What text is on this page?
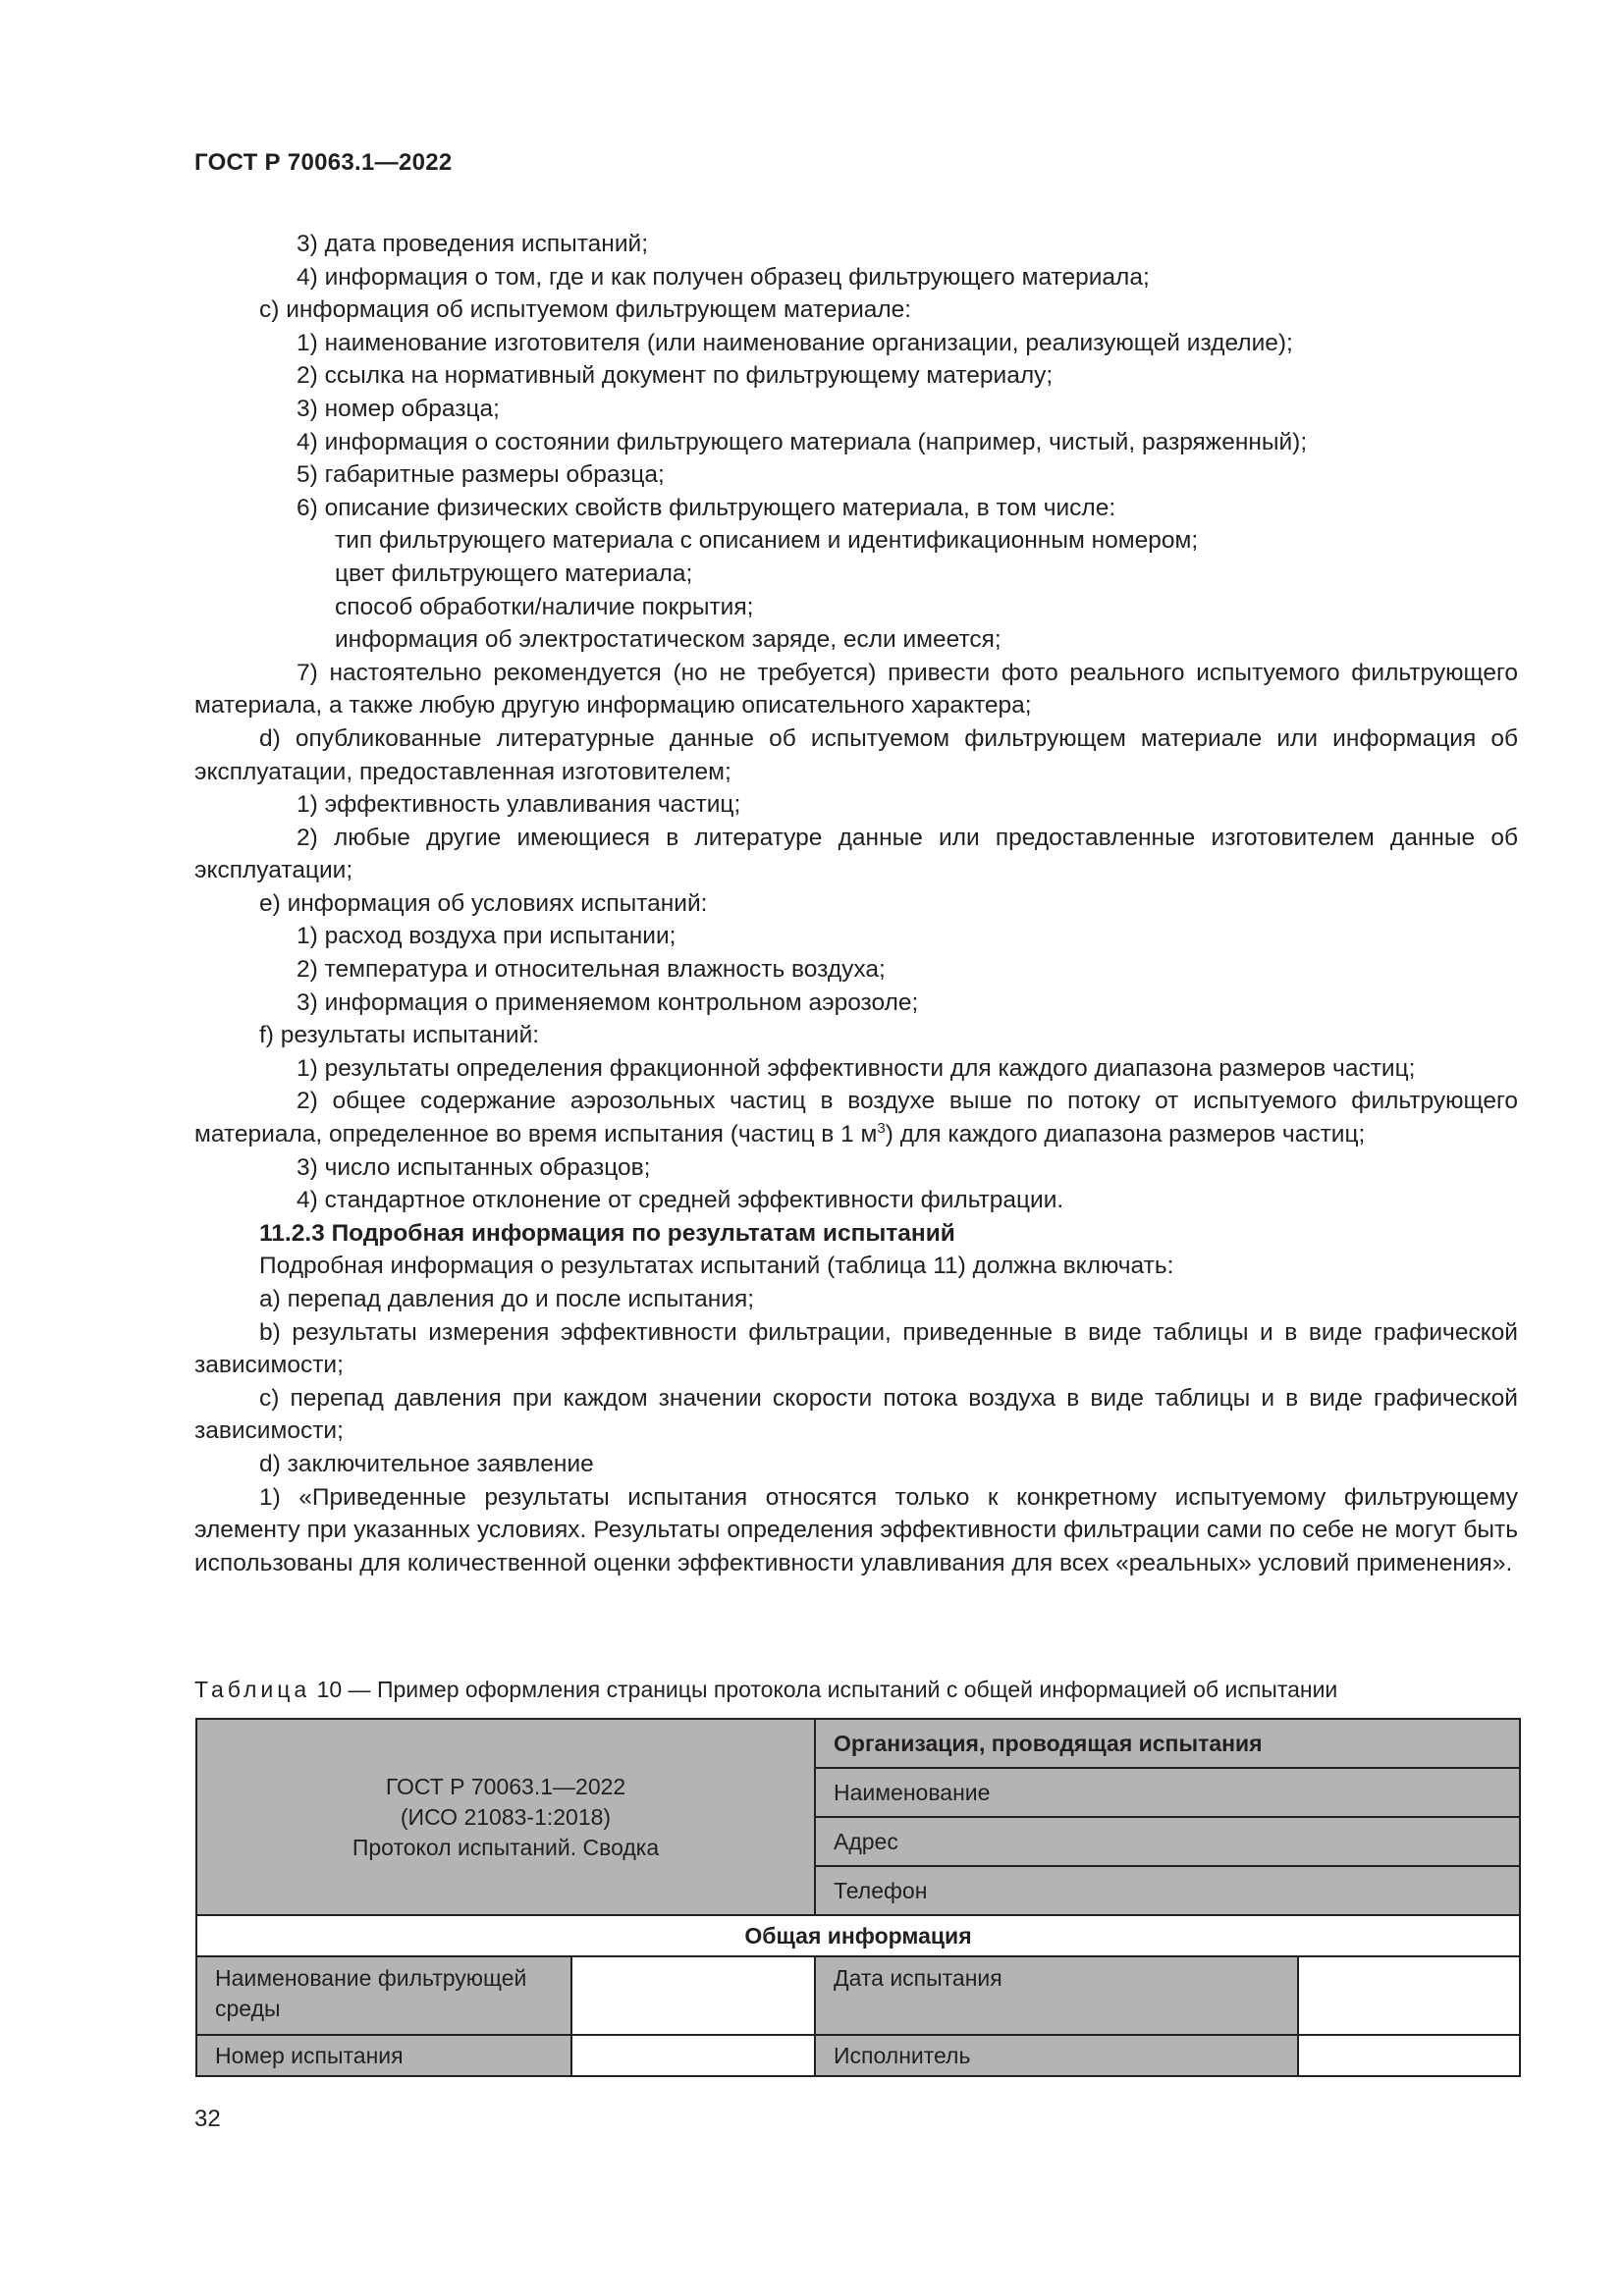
ГОСТ Р 70063.1—2022

3) дата проведения испытаний;

4) информация о том, где и как получен образец фильтрующего материала;

c) информация об испытуемом фильтрующем материале:

1) наименование изготовителя (или наименование организации, реализующей изделие);

2) ссылка на нормативный документ по фильтрующему материалу;

3) номер образца;

4) информация о состоянии фильтрующего материала (например, чистый, разряженный);

5) габаритные размеры образца;

6) описание физических свойств фильтрующего материала, в том числе:

тип фильтрующего материала с описанием и идентификационным номером;

цвет фильтрующего материала;

способ обработки/наличие покрытия;

информация об электростатическом заряде, если имеется;

7) настоятельно рекомендуется (но не требуется) привести фото реального испытуемого фильтрующего материала, а также любую другую информацию описательного характера;

d) опубликованные литературные данные об испытуемом фильтрующем материале или информация об эксплуатации, предоставленная изготовителем;

1) эффективность улавливания частиц;

2) любые другие имеющиеся в литературе данные или предоставленные изготовителем данные об эксплуатации;

e) информация об условиях испытаний:

1) расход воздуха при испытании;

2) температура и относительная влажность воздуха;

3) информация о применяемом контрольном аэрозоле;

f) результаты испытаний:

1) результаты определения фракционной эффективности для каждого диапазона размеров частиц;

2) общее содержание аэрозольных частиц в воздухе выше по потоку от испытуемого фильтрующего материала, определенное во время испытания (частиц в 1 $м^3$) для каждого диапазона размеров частиц;

3) число испытанных образцов;

4) стандартное отклонение от средней эффективности фильтрации.

11.2.3 Подробная информация по результатам испытаний

Подробная информация о результатах испытаний (таблица 11) должна включать:

a) перепад давления до и после испытания;

b) результаты измерения эффективности фильтрации, приведенные в виде таблицы и в виде графической зависимости;

c) перепад давления при каждом значении скорости потока воздуха в виде таблицы и в виде графической зависимости;

d) заключительное заявление

1) «Приведенные результаты испытания относятся только к конкретному испытуемому фильтрующему элементу при указанных условиях. Результаты определения эффективности фильтрации сами по себе не могут быть использованы для количественной оценки эффективности улавливания для всех «реальных» условий применения».

Таблица 10 — Пример оформления страницы протокола испытаний с общей информацией об испытании
ГОСТ Р 70063.1—2022
(ИСО 21083-1:2018)
Протокол испытаний. Сводка		Организация, проводящая испытания	
		Наименование	
		Адрес	
		Телефон	
Общая информация			
Наименование фильтрующей среды		Дата испытания	
Номер испытания		Исполнитель	
32
